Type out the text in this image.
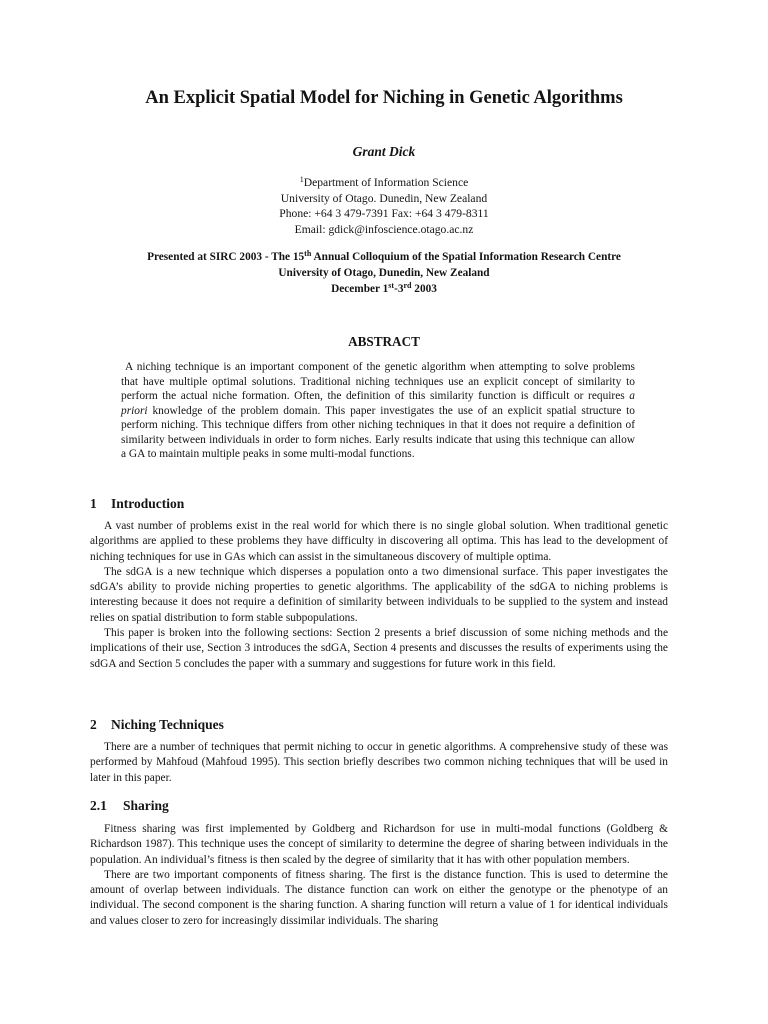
An Explicit Spatial Model for Niching in Genetic Algorithms
Grant Dick
$^1$Department of Information Science
University of Otago. Dunedin, New Zealand
Phone: +64 3 479-7391 Fax: +64 3 479-8311
Email: gdick@infoscience.otago.ac.nz
Presented at SIRC 2003 - The 15th Annual Colloquium of the Spatial Information Research Centre
University of Otago, Dunedin, New Zealand
December 1st-3rd 2003
ABSTRACT
A niching technique is an important component of the genetic algorithm when attempting to solve problems that have multiple optimal solutions. Traditional niching techniques use an explicit concept of similarity to perform the actual niche formation. Often, the definition of this similarity function is difficult or requires a priori knowledge of the problem domain. This paper investigates the use of an explicit spatial structure to perform niching. This technique differs from other niching techniques in that it does not require a definition of similarity between individuals in order to form niches. Early results indicate that using this technique can allow a GA to maintain multiple peaks in some multi-modal functions.
1 Introduction

A vast number of problems exist in the real world for which there is no single global solution. When traditional genetic algorithms are applied to these problems they have difficulty in discovering all optima. This has lead to the development of niching techniques for use in GAs which can assist in the simultaneous discovery of multiple optima.

The sdGA is a new technique which disperses a population onto a two dimensional surface. This paper investigates the sdGA’s ability to provide niching properties to genetic algorithms. The applicability of the sdGA to niching problems is interesting because it does not require a definition of similarity between individuals to be supplied to the system and instead relies on spatial distribution to form stable subpopulations.

This paper is broken into the following sections: Section 2 presents a brief discussion of some niching methods and the implications of their use, Section 3 introduces the sdGA, Section 4 presents and discusses the results of experiments using the sdGA and Section 5 concludes the paper with a summary and suggestions for future work in this field.

2 Niching Techniques

There are a number of techniques that permit niching to occur in genetic algorithms. A comprehensive study of these was performed by Mahfoud (Mahfoud 1995). This section briefly describes two common niching techniques that will be used in later in this paper.

2.1 Sharing

Fitness sharing was first implemented by Goldberg and Richardson for use in multi-modal functions (Goldberg & Richardson 1987). This technique uses the concept of similarity to determine the degree of sharing between individuals in the population. An individual’s fitness is then scaled by the degree of similarity that it has with other population members.

There are two important components of fitness sharing. The first is the distance function. This is used to determine the amount of overlap between individuals. The distance function can work on either the genotype or the phenotype of an individual. The second component is the sharing function. A sharing function will return a value of 1 for identical individuals and values closer to zero for increasingly dissimilar individuals. The sharing
